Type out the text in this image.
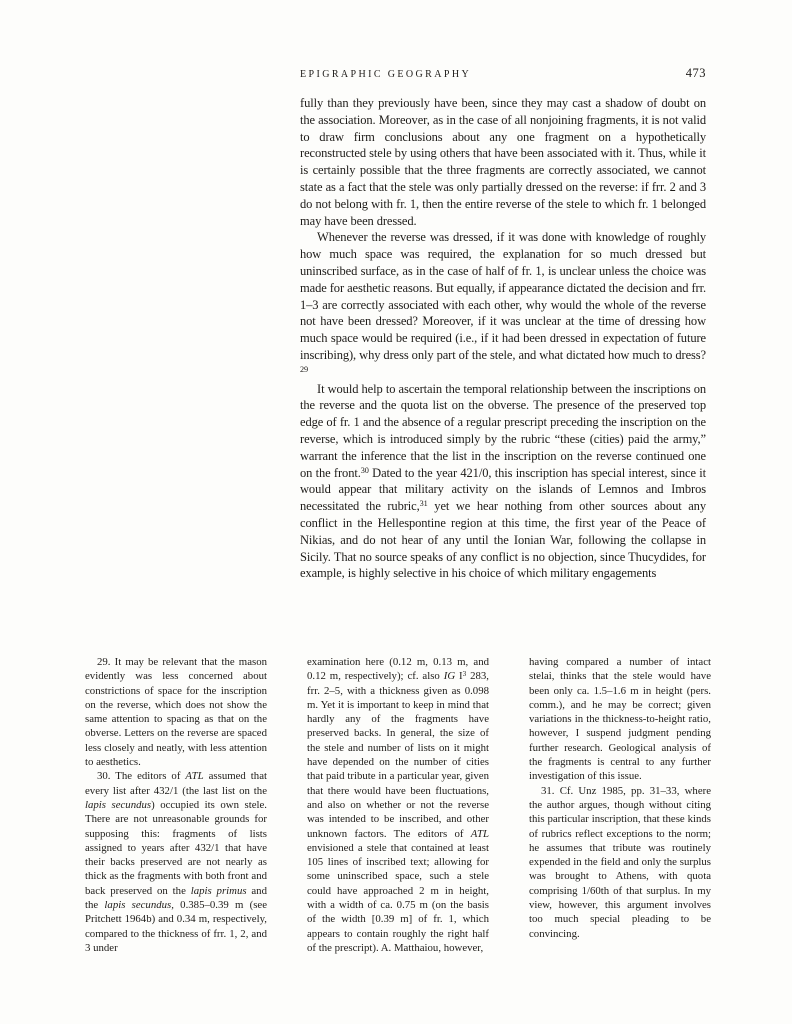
EPIGRAPHIC GEOGRAPHY	473

fully than they previously have been, since they may cast a shadow of doubt on the association. Moreover, as in the case of all nonjoining fragments, it is not valid to draw firm conclusions about any one fragment on a hypothetically reconstructed stele by using others that have been associated with it. Thus, while it is certainly possible that the three fragments are correctly associated, we cannot state as a fact that the stele was only partially dressed on the reverse: if frr. 2 and 3 do not belong with fr. 1, then the entire reverse of the stele to which fr. 1 belonged may have been dressed.

Whenever the reverse was dressed, if it was done with knowledge of roughly how much space was required, the explanation for so much dressed but uninscribed surface, as in the case of half of fr. 1, is unclear unless the choice was made for aesthetic reasons. But equally, if appearance dictated the decision and frr. 1–3 are correctly associated with each other, why would the whole of the reverse not have been dressed? Moreover, if it was unclear at the time of dressing how much space would be required (i.e., if it had been dressed in expectation of future inscribing), why dress only part of the stele, and what dictated how much to dress?$^{29}$

It would help to ascertain the temporal relationship between the inscriptions on the reverse and the quota list on the obverse. The presence of the preserved top edge of fr. 1 and the absence of a regular prescript preceding the inscription on the reverse, which is introduced simply by the rubric “these (cities) paid the army,” warrant the inference that the list in the inscription on the reverse continued one on the front.$^{30}$ Dated to the year 421/0, this inscription has special interest, since it would appear that military activity on the islands of Lemnos and Imbros necessitated the rubric,$^{31}$ yet we hear nothing from other sources about any conflict in the Hellespontine region at this time, the first year of the Peace of Nikias, and do not hear of any until the Ionian War, following the collapse in Sicily. That no source speaks of any conflict is no objection, since Thucydides, for example, is highly selective in his choice of which military engagements

29. It may be relevant that the mason evidently was less concerned about constrictions of space for the inscription on the reverse, which does not show the same attention to spacing as that on the obverse. Letters on the reverse are spaced less closely and neatly, with less attention to aesthetics.

30. The editors of ATL assumed that every list after 432/1 (the last list on the lapis secundus) occupied its own stele. There are not unreasonable grounds for supposing this: fragments of lists assigned to years after 432/1 that have their backs preserved are not nearly as thick as the fragments with both front and back preserved on the lapis primus and the lapis secundus, 0.385–0.39 m (see Pritchett 1964b) and 0.34 m, respectively, compared to the thickness of frr. 1, 2, and 3 under

examination here (0.12 m, 0.13 m, and 0.12 m, respectively); cf. also IG $I^3$ 283, frr. 2–5, with a thickness given as 0.098 m. Yet it is important to keep in mind that hardly any of the fragments have preserved backs. In general, the size of the stele and number of lists on it might have depended on the number of cities that paid tribute in a particular year, given that there would have been fluctuations, and also on whether or not the reverse was intended to be inscribed, and other unknown factors. The editors of ATL envisioned a stele that contained at least 105 lines of inscribed text; allowing for some uninscribed space, such a stele could have approached 2 m in height, with a width of ca. 0.75 m (on the basis of the width [0.39 m] of fr. 1, which appears to contain roughly the right half of the prescript). A. Matthaiou, however,

having compared a number of intact stelai, thinks that the stele would have been only ca. 1.5–1.6 m in height (pers. comm.), and he may be correct; given variations in the thickness-to-height ratio, however, I suspend judgment pending further research. Geological analysis of the fragments is central to any further investigation of this issue.

31. Cf. Unz 1985, pp. 31–33, where the author argues, though without citing this particular inscription, that these kinds of rubrics reflect exceptions to the norm; he assumes that tribute was routinely expended in the field and only the surplus was brought to Athens, with quota comprising 1/60th of that surplus. In my view, however, this argument involves too much special pleading to be convincing.
